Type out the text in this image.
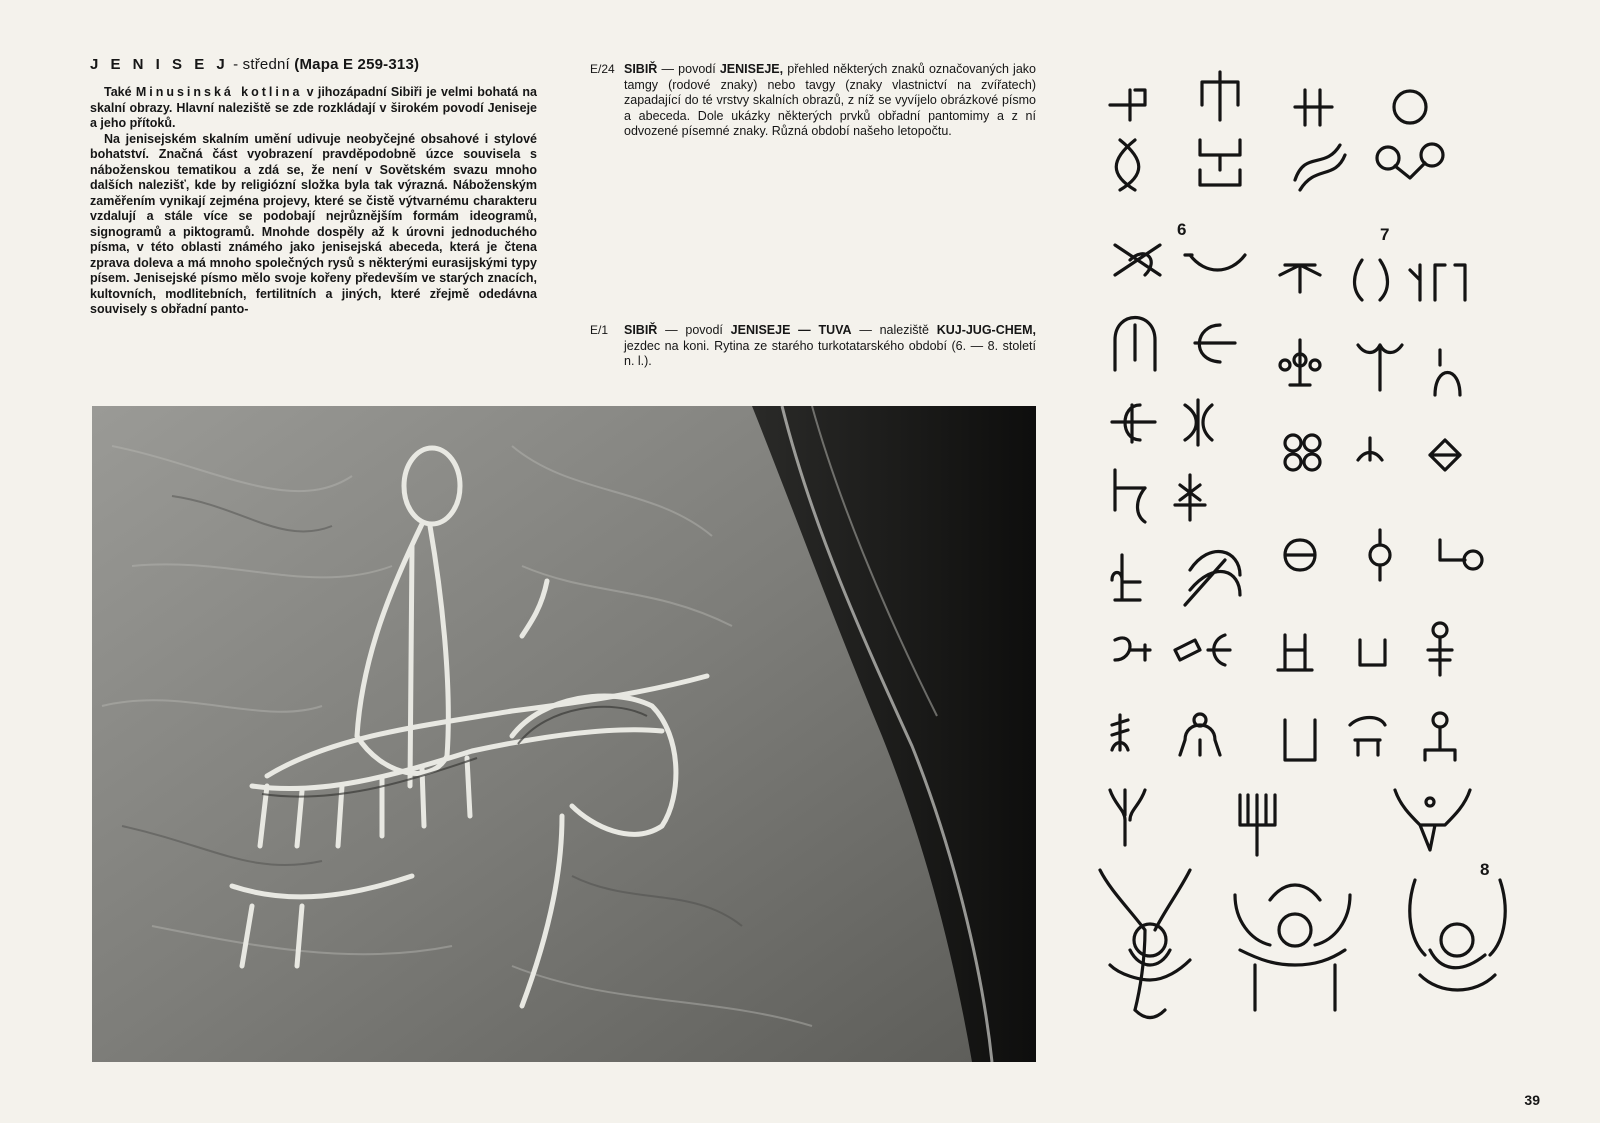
J E N I S E J - střední (Mapa E 259-313)

Také Minusinská kotlina v jihozápadní Sibiři je velmi bohatá na skalní obrazy. Hlavní naleziště se zde rozkládají v širokém povodí Jeniseje a jeho přítoků.

Na jenisejském skalním umění udivuje neobyčejné obsahové i stylové bohatství. Značná část vyobrazení pravděpodobně úzce souvisela s náboženskou tematikou a zdá se, že není v Sovětském svazu mnoho dalších nalezišť, kde by religiózní složka byla tak výrazná. Náboženským zaměřením vynikají zejména projevy, které se čistě výtvarnému charakteru vzdalují a stále více se podobají nejrůznějším formám ideogramů, signogramů a piktogramů. Mnohde dospěly až k úrovni jednoduchého písma, v této oblasti známého jako jenisejská abeceda, která je čtena zprava doleva a má mnoho společných rysů s některými eurasijskými typy písem. Jenisejské písmo mělo svoje kořeny především ve starých znacích, kultovních, modlitebních, fertilitních a jiných, které zřejmě odedávna souvisely s obřadní panto-

E/24 SIBIŘ — povodí JENISEJE, přehled některých znaků označovaných jako tamgy (rodové znaky) nebo tavgy (znaky vlastnictví na zvířatech) zapadající do té vrstvy skalních obrazů, z níž se vyvíjelo obrázkové písmo a abeceda. Dole ukázky některých prvků obřadní pantomimy a z ní odvozené písemné znaky. Různá období našeho letopočtu.
E/1 SIBIŘ — povodí JENISEJE — TUVA — naleziště KUJ-JUG-CHEM, jezdec na koni. Rytina ze starého turkotatarského období (6. — 8. století n. l.).
6	7
8
39
